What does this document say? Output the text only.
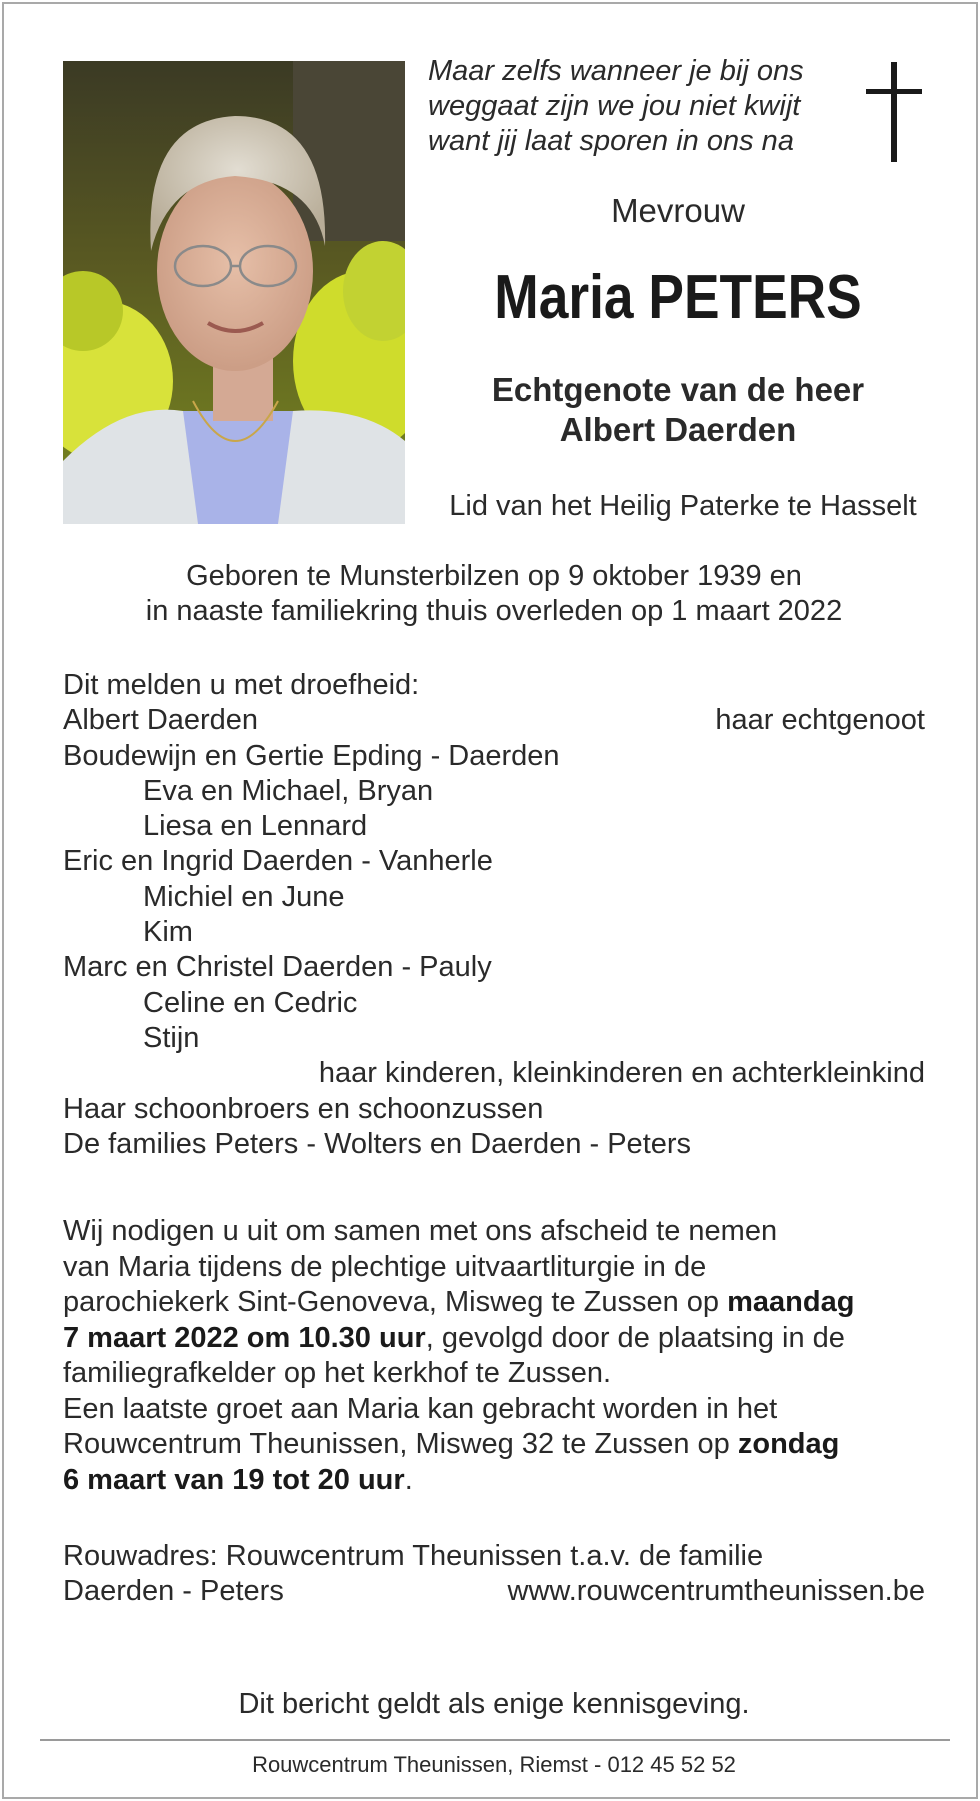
Maar zelfs wanneer je bij ons
weggaat zijn we jou niet kwijt
want jij laat sporen in ons na
Mevrouw
Maria PETERS
Echtgenote van de heer
Albert Daerden
Lid van het Heilig Paterke te Hasselt
Geboren te Munsterbilzen op 9 oktober 1939 en
in naaste familiekring thuis overleden op 1 maart 2022
Dit melden u met droefheid:
Albert Daerden	haar echtgenoot
Boudewijn en Gertie Epding - Daerden
Eva en Michael, Bryan
Liesa en Lennard
Eric en Ingrid Daerden - Vanherle
Michiel en June
Kim
Marc en Christel Daerden - Pauly
Celine en Cedric
Stijn
haar kinderen, kleinkinderen en achterkleinkind
Haar schoonbroers en schoonzussen
De families Peters - Wolters en Daerden - Peters
Wij nodigen u uit om samen met ons afscheid te nemen
van Maria tijdens de plechtige uitvaartliturgie in de
parochiekerk Sint-Genoveva, Misweg te Zussen op maandag
7 maart 2022 om 10.30 uur, gevolgd door de plaatsing in de
familiegrafkelder op het kerkhof te Zussen.
Een laatste groet aan Maria kan gebracht worden in het
Rouwcentrum Theunissen, Misweg 32 te Zussen op zondag
6 maart van 19 tot 20 uur.
Rouwadres: Rouwcentrum Theunissen t.a.v. de familie
Daerden - Peters	www.rouwcentrumtheunissen.be
Dit bericht geldt als enige kennisgeving.
Rouwcentrum Theunissen, Riemst - 012 45 52 52
